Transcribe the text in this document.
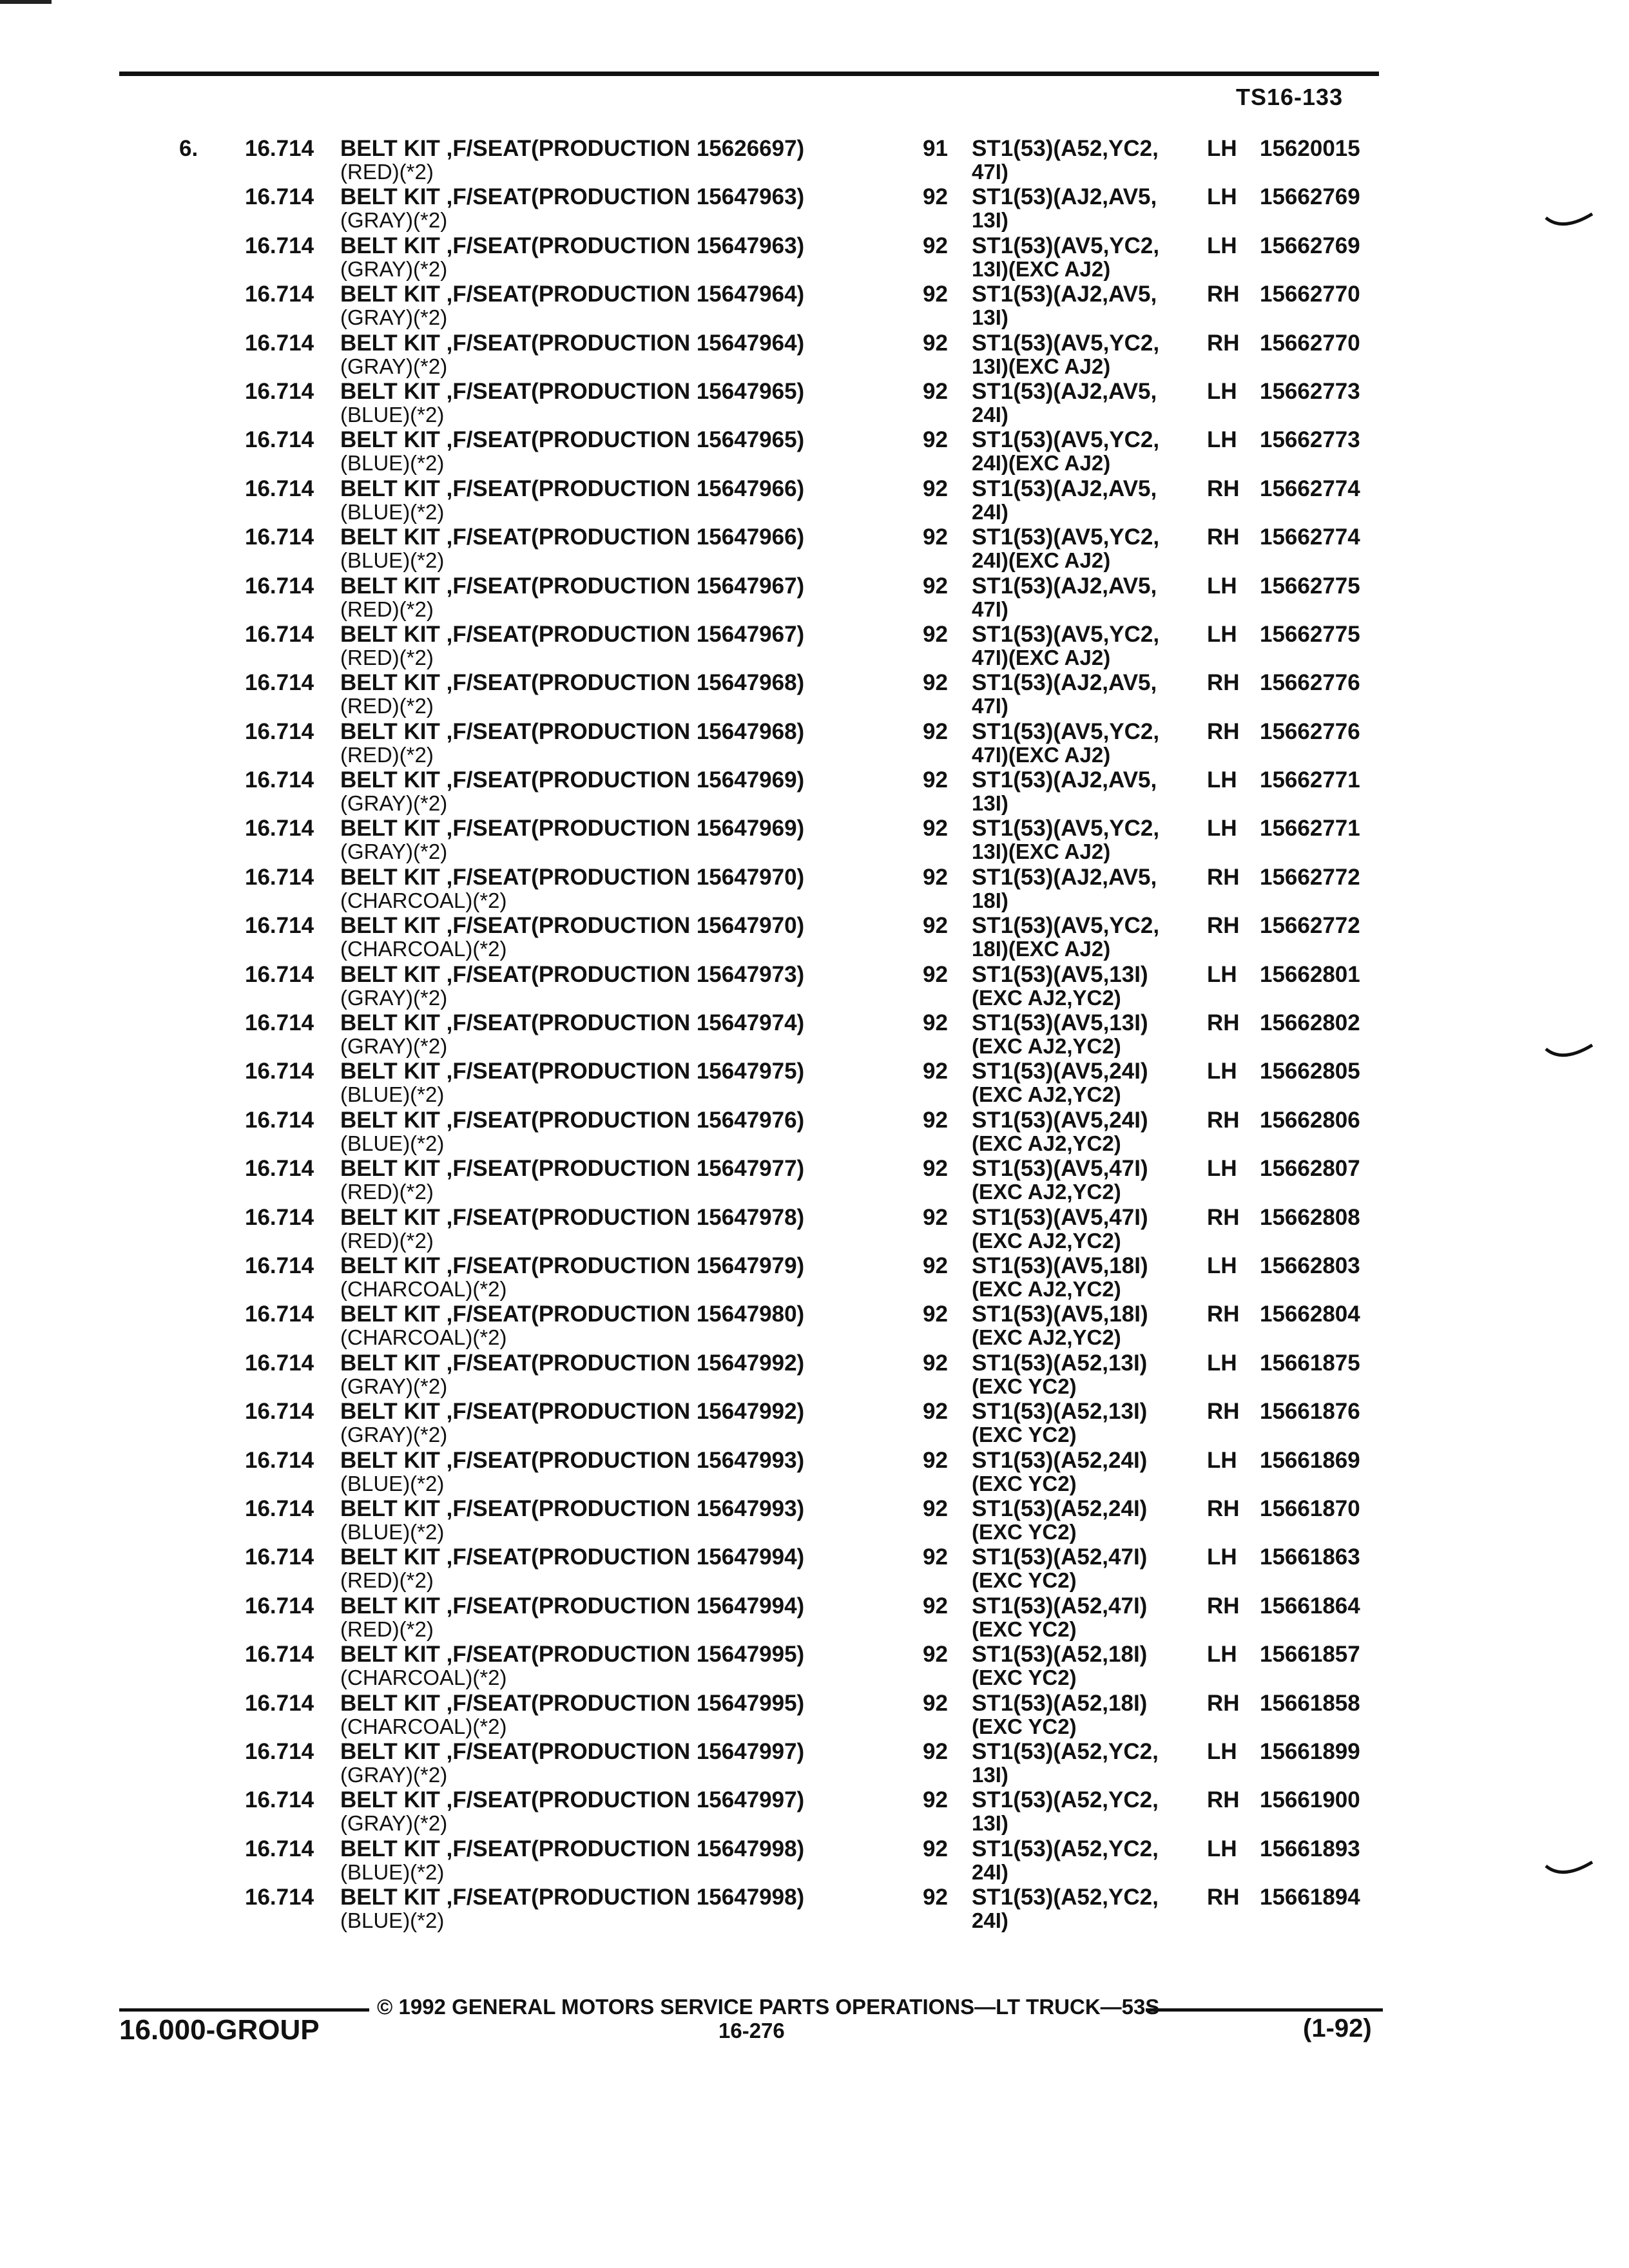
TS16-133
6. 16.714 BELT KIT ,F/SEAT(PRODUCTION 15626697)
(RED)(*2)
91 ST1(53)(A52,YC2,
47I)
LH 15620015
16.714 BELT KIT ,F/SEAT(PRODUCTION 15647963)
(GRAY)(*2)
92 ST1(53)(AJ2,AV5,
13I)
LH 15662769
16.714 BELT KIT ,F/SEAT(PRODUCTION 15647963)
(GRAY)(*2)
92 ST1(53)(AV5,YC2,
13I)(EXC AJ2)
LH 15662769
16.714 BELT KIT ,F/SEAT(PRODUCTION 15647964)
(GRAY)(*2)
92 ST1(53)(AJ2,AV5,
13I)
RH 15662770
16.714 BELT KIT ,F/SEAT(PRODUCTION 15647964)
(GRAY)(*2)
92 ST1(53)(AV5,YC2,
13I)(EXC AJ2)
RH 15662770
16.714 BELT KIT ,F/SEAT(PRODUCTION 15647965)
(BLUE)(*2)
92 ST1(53)(AJ2,AV5,
24I)
LH 15662773
16.714 BELT KIT ,F/SEAT(PRODUCTION 15647965)
(BLUE)(*2)
92 ST1(53)(AV5,YC2,
24I)(EXC AJ2)
LH 15662773
16.714 BELT KIT ,F/SEAT(PRODUCTION 15647966)
(BLUE)(*2)
92 ST1(53)(AJ2,AV5,
24I)
RH 15662774
16.714 BELT KIT ,F/SEAT(PRODUCTION 15647966)
(BLUE)(*2)
92 ST1(53)(AV5,YC2,
24I)(EXC AJ2)
RH 15662774
16.714 BELT KIT ,F/SEAT(PRODUCTION 15647967)
(RED)(*2)
92 ST1(53)(AJ2,AV5,
47I)
LH 15662775
16.714 BELT KIT ,F/SEAT(PRODUCTION 15647967)
(RED)(*2)
92 ST1(53)(AV5,YC2,
47I)(EXC AJ2)
LH 15662775
16.714 BELT KIT ,F/SEAT(PRODUCTION 15647968)
(RED)(*2)
92 ST1(53)(AJ2,AV5,
47I)
RH 15662776
16.714 BELT KIT ,F/SEAT(PRODUCTION 15647968)
(RED)(*2)
92 ST1(53)(AV5,YC2,
47I)(EXC AJ2)
RH 15662776
16.714 BELT KIT ,F/SEAT(PRODUCTION 15647969)
(GRAY)(*2)
92 ST1(53)(AJ2,AV5,
13I)
LH 15662771
16.714 BELT KIT ,F/SEAT(PRODUCTION 15647969)
(GRAY)(*2)
92 ST1(53)(AV5,YC2,
13I)(EXC AJ2)
LH 15662771
16.714 BELT KIT ,F/SEAT(PRODUCTION 15647970)
(CHARCOAL)(*2)
92 ST1(53)(AJ2,AV5,
18I)
RH 15662772
16.714 BELT KIT ,F/SEAT(PRODUCTION 15647970)
(CHARCOAL)(*2)
92 ST1(53)(AV5,YC2,
18I)(EXC AJ2)
RH 15662772
16.714 BELT KIT ,F/SEAT(PRODUCTION 15647973)
(GRAY)(*2)
92 ST1(53)(AV5,13I)
(EXC AJ2,YC2)
LH 15662801
16.714 BELT KIT ,F/SEAT(PRODUCTION 15647974)
(GRAY)(*2)
92 ST1(53)(AV5,13I)
(EXC AJ2,YC2)
RH 15662802
16.714 BELT KIT ,F/SEAT(PRODUCTION 15647975)
(BLUE)(*2)
92 ST1(53)(AV5,24I)
(EXC AJ2,YC2)
LH 15662805
16.714 BELT KIT ,F/SEAT(PRODUCTION 15647976)
(BLUE)(*2)
92 ST1(53)(AV5,24I)
(EXC AJ2,YC2)
RH 15662806
16.714 BELT KIT ,F/SEAT(PRODUCTION 15647977)
(RED)(*2)
92 ST1(53)(AV5,47I)
(EXC AJ2,YC2)
LH 15662807
16.714 BELT KIT ,F/SEAT(PRODUCTION 15647978)
(RED)(*2)
92 ST1(53)(AV5,47I)
(EXC AJ2,YC2)
RH 15662808
16.714 BELT KIT ,F/SEAT(PRODUCTION 15647979)
(CHARCOAL)(*2)
92 ST1(53)(AV5,18I)
(EXC AJ2,YC2)
LH 15662803
16.714 BELT KIT ,F/SEAT(PRODUCTION 15647980)
(CHARCOAL)(*2)
92 ST1(53)(AV5,18I)
(EXC AJ2,YC2)
RH 15662804
16.714 BELT KIT ,F/SEAT(PRODUCTION 15647992)
(GRAY)(*2)
92 ST1(53)(A52,13I)
(EXC YC2)
LH 15661875
16.714 BELT KIT ,F/SEAT(PRODUCTION 15647992)
(GRAY)(*2)
92 ST1(53)(A52,13I)
(EXC YC2)
RH 15661876
16.714 BELT KIT ,F/SEAT(PRODUCTION 15647993)
(BLUE)(*2)
92 ST1(53)(A52,24I)
(EXC YC2)
LH 15661869
16.714 BELT KIT ,F/SEAT(PRODUCTION 15647993)
(BLUE)(*2)
92 ST1(53)(A52,24I)
(EXC YC2)
RH 15661870
16.714 BELT KIT ,F/SEAT(PRODUCTION 15647994)
(RED)(*2)
92 ST1(53)(A52,47I)
(EXC YC2)
LH 15661863
16.714 BELT KIT ,F/SEAT(PRODUCTION 15647994)
(RED)(*2)
92 ST1(53)(A52,47I)
(EXC YC2)
RH 15661864
16.714 BELT KIT ,F/SEAT(PRODUCTION 15647995)
(CHARCOAL)(*2)
92 ST1(53)(A52,18I)
(EXC YC2)
LH 15661857
16.714 BELT KIT ,F/SEAT(PRODUCTION 15647995)
(CHARCOAL)(*2)
92 ST1(53)(A52,18I)
(EXC YC2)
RH 15661858
16.714 BELT KIT ,F/SEAT(PRODUCTION 15647997)
(GRAY)(*2)
92 ST1(53)(A52,YC2,
13I)
LH 15661899
16.714 BELT KIT ,F/SEAT(PRODUCTION 15647997)
(GRAY)(*2)
92 ST1(53)(A52,YC2,
13I)
RH 15661900
16.714 BELT KIT ,F/SEAT(PRODUCTION 15647998)
(BLUE)(*2)
92 ST1(53)(A52,YC2,
24I)
LH 15661893
16.714 BELT KIT ,F/SEAT(PRODUCTION 15647998)
(BLUE)(*2)
92 ST1(53)(A52,YC2,
24I)
RH 15661894
© 1992 GENERAL MOTORS SERVICE PARTS OPERATIONS—LT TRUCK—53S
16.000-GROUP	16-276	(1-92)
